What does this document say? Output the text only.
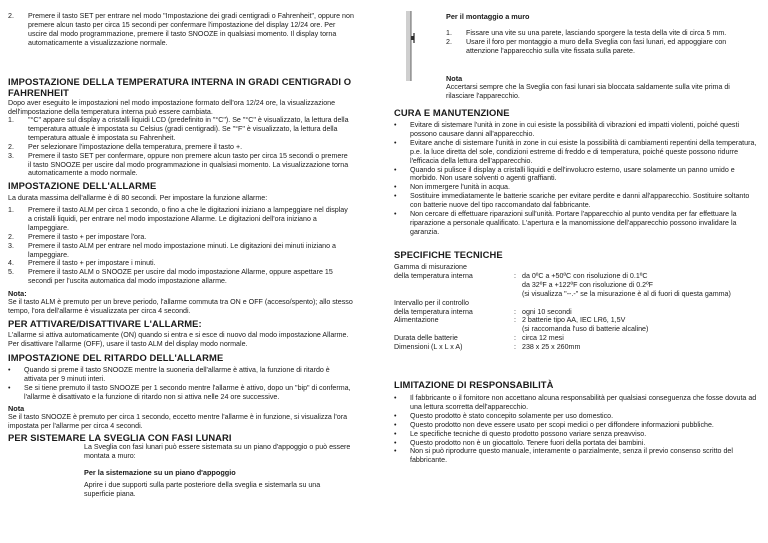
2.	Premere il tasto SET per entrare nel modo "Impostazione dei gradi centigradi o Fahrenheit", oppure non premere alcun tasto per circa 15 secondi per confermare l'impostazione del display 12/24 ore. Per uscire dal modo programmazione, premere il tasto SNOOZE in qualsiasi momento. Il display torna automaticamente a visualizzazione normale.
IMPOSTAZIONE DELLA TEMPERATURA INTERNA IN GRADI CENTIGRADI O FAHRENHEIT

Dopo aver eseguito le impostazioni nel modo impostazione formato dell'ora 12/24 ore, la visualizzazione dell'impostazione della temperatura interna può essere cambiata.

1.	"°C" appare sul display a cristalli liquidi LCD (predefinito in "°C"). Se "°C" è visualizzato, la lettura della temperatura attuale è impostata su Celsius (gradi centigradi). Se "°F" è visualizzato, la lettura della temperatura attuale è impostata su Fahrenheit.
2.	Per selezionare l'impostazione della temperatura, premere il tasto +.
3.	Premere il tasto SET per confermare, oppure non premere alcun tasto per circa 15 secondi o premere il tasto SNOOZE per uscire dal modo programmazione in qualsiasi momento. La visualizzazione torna automaticamente a modo normale.
IMPOSTAZIONE DELL'ALLARME

La durata massima dell'allarme è di 80 secondi. Per impostare la funzione allarme:

1.	Premere il tasto ALM per circa 1 secondo, o fino a che le digitazioni iniziano a lampeggiare nel display a cristalli liquidi, per entrare nel modo impostazione Allarme. Le digitazioni dell'ora iniziano a lampeggiare.
2.	Premere il tasto + per impostare l'ora.
3.	Premere il tasto ALM per entrare nel modo impostazione minuti. Le digitazioni dei minuti iniziano a lampeggiare.
4.	Premere il tasto + per impostare i minuti.
5.	Premere il tasto ALM o SNOOZE per uscire dal modo impostazione Allarme, oppure aspettare 15 secondi per l'uscita automatica dal modo impostazione allarme.

Nota:

Se il tasto ALM è premuto per un breve periodo, l'allarme commuta tra ON e OFF (acceso/spento); allo stesso tempo, l'ora dell'allarme è visualizzata per circa 4 secondi.

PER ATTIVARE/DISATTIVARE L'ALLARME:

L'allarme si attiva automaticamente (ON) quando si entra e si esce di nuovo dal modo impostazione Allarme. Per disattivare l'allarme (OFF), usare il tasto ALM del display modo normale.

IMPOSTAZIONE DEL RITARDO DELL'ALLARME
•	Quando si preme il tasto SNOOZE mentre la suoneria dell'allarme è attiva, la funzione di ritardo è attivata per 9 minuti interi.
•	Se si tiene premuto il tasto SNOOZE per 1 secondo mentre l'allarme è attivo, dopo un "bip" di conferma, l'allarme è disattivato e la funzione di ritardo non si attiva nelle 24 ore successive.

Nota

Se il tasto SNOOZE è premuto per circa 1 secondo, eccetto mentre l'allarme è in funzione, si visualizza l'ora impostata per l'allarme per circa 4 secondi.

PER SISTEMARE LA SVEGLIA CON FASI LUNARI

La Sveglia con fasi lunari può essere sistemata su un piano d'appoggio o può essere montata a muro:

Per la sistemazione su un piano d'appoggio

Aprire i due supporti sulla parte posteriore della sveglia e sistemarla su una superficie piana.

Per il montaggio a muro

1.	Fissare una vite su una parete, lasciando sporgere la testa della vite di circa 5 mm.
2.	Usare il foro per montaggio a muro della Sveglia con fasi lunari, ed appoggiare con attenzione l'apparecchio sulla vite fissata sulla parete.

Nota

Accertarsi sempre che la Sveglia con fasi lunari sia bloccata saldamente sulla vite prima di rilasciare l'apparecchio.

CURA E MANUTENZIONE
•	Evitare di sistemare l'unità in zone in cui esiste la possibilità di vibrazioni ed impatti violenti, poiché questi possono causare danni all'apparecchio.
•	Evitare anche di sistemare l'unità in zone in cui esiste la possibilità di cambiamenti repentini della temperatura, p.e. la luce diretta del sole, condizioni estreme di freddo e di temperatura, poiché queste possono ridurre l'efficacia della lettura dell'apparecchio.
•	Quando si pulisce il display a cristalli liquidi e dell'involucro esterno, usare solamente un panno umido e morbido. Non usare solventi o agenti graffianti.
•	Non immergere l'unità in acqua.
•	Sostituire immediatamente le batterie scariche per evitare perdite e danni all'apparecchio. Sostituire soltanto con batterie nuove del tipo raccomandato dal fabbricante.
•	Non cercare di effettuare riparazioni sull'unità. Portare l'apparecchio al punto vendita per far effettuare la riparazione a personale qualificato. L'apertura e la manomissione dell'apparecchio possono invalidare la garanzia.
SPECIFICHE TECNICHE
Gamma di misurazione
della temperatura interna	: da 0ºC a +50ºC con risoluzione di 0.1ºC
da 32ºF a +122ºF con risoluzione di 0.2ºF
(si visualizza "--.-" se la misurazione è al di fuori di questa gamma)
Intervallo per il controllo
della temperatura interna	: ogni 10 secondi
Alimentazione	: 2 batterie tipo AA, IEC LR6, 1,5V
(si raccomanda l'uso di batterie alcaline)
Durata delle batterie	: circa 12 mesi
Dimensioni (L x L x A)	: 238 x 25 x 260mm
LIMITAZIONE DI RESPONSABILITÀ
•	Il fabbricante o il fornitore non accettano alcuna responsabilità per qualsiasi conseguenza che fosse dovuta ad una lettura scorretta dell'apparecchio.
•	Questo prodotto è stato concepito solamente per uso domestico.
•	Questo prodotto non deve essere usato per scopi medici o per diffondere informazioni pubbliche.
•	Le specifiche tecniche di questo prodotto possono variare senza preavviso.
•	Questo prodotto non è un giocattolo. Tenere fuori della portata dei bambini.
•	Non si può riprodurre questo manuale, interamente o parzialmente, senza il previo consenso scritto del fabbricante.
